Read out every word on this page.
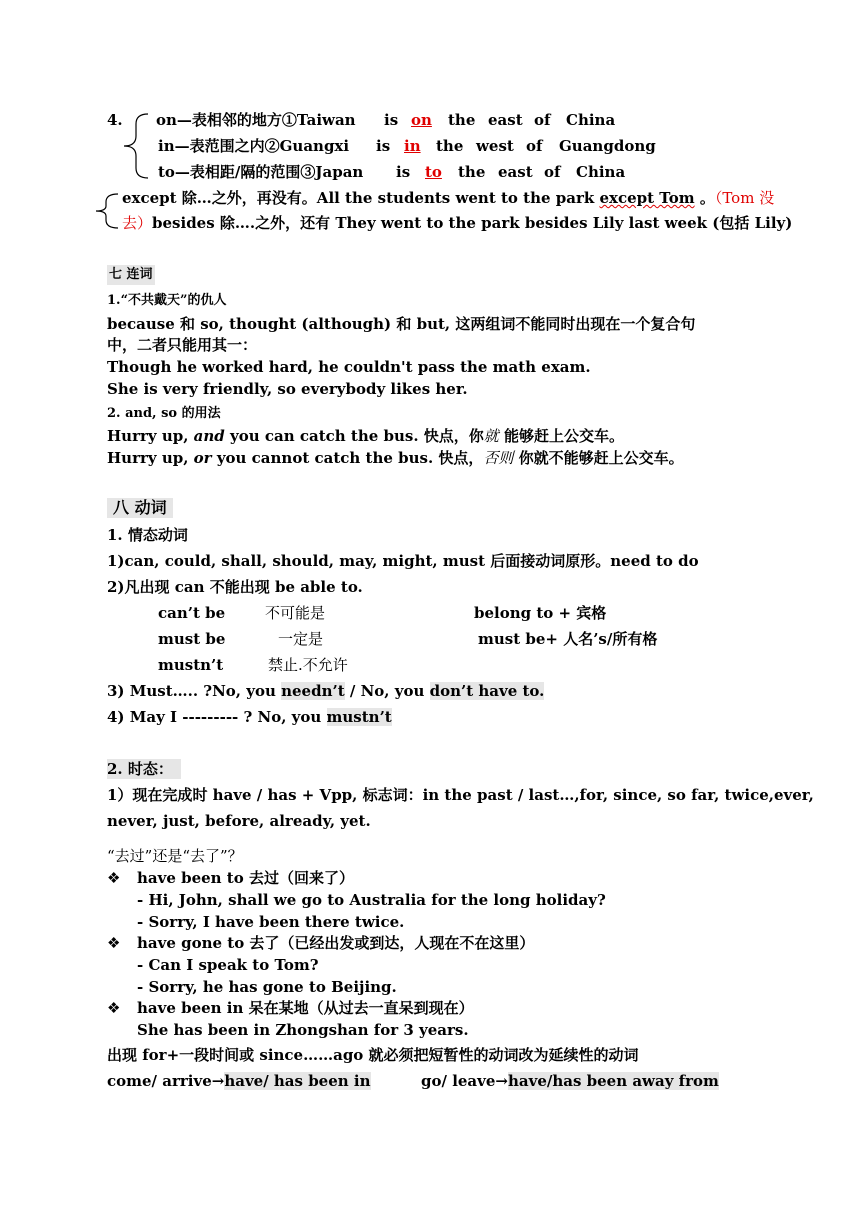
4. on—表相邻的地方①Taiwan is on the east of China
in—表范围之内②Guangxi is in the west of Guangdong
to—表相距/隔的范围③Japan is to the east of China
except 除…之外，再没有。All the students went to the park except Tom 。（Tom 没
去）besides 除….之外，还有 They went to the park besides Lily last week (包括 Lily)
七 连词
1.“不共戴天”的仇人
because 和 so, thought (although) 和 but, 这两组词不能同时出现在一个复合句
中，二者只能用其一：
Though he worked hard, he couldn't pass the math exam.
She is very friendly, so everybody likes her.
2. and, so 的用法
Hurry up, and you can catch the bus. 快点，你就 能够赶上公交车。
Hurry up, or you cannot catch the bus. 快点，否则 你就不能够赶上公交车。
八 动词
1. 情态动词
1)can, could, shall, should, may, might, must 后面接动词原形。need to do
2)凡出现 can 不能出现 be able to.
can’t be	不可能是	belong to + 宾格
must be	一定是	must be+ 人名’s/所有格
mustn’t	禁止.不允许
3) Must….. ?No, you needn’t / No, you don’t have to.
4) May I --------- ? No, you mustn’t
2. 时态：
1）现在完成时 have / has + Vpp, 标志词：in the past / last…,for, since, so far, twice,ever,
never, just, before, already, yet.
“去过”还是“去了”？
❖ have been to 去过（回来了）
- Hi, John, shall we go to Australia for the long holiday?
- Sorry, I have been there twice.
❖ have gone to 去了（已经出发或到达，人现在不在这里）
- Can I speak to Tom?
- Sorry, he has gone to Beijing.
❖ have been in 呆在某地（从过去一直呆到现在）
She has been in Zhongshan for 3 years.
出现 for+一段时间或 since……ago 就必须把短暂性的动词改为延续性的动词
come/ arrive→have/ has been in	go/ leave→have/has been away from
